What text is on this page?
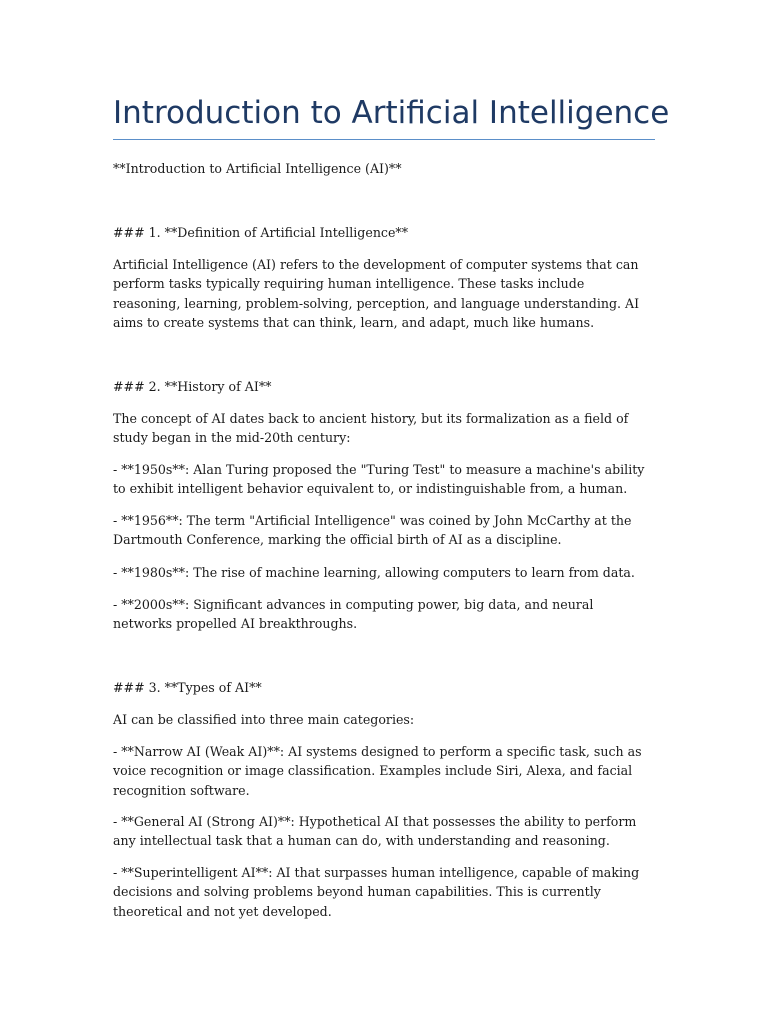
Introduction to Artificial Intelligence

**Introduction to Artificial Intelligence (AI)**

### 1. **Definition of Artificial Intelligence**

Artificial Intelligence (AI) refers to the development of computer systems that can perform tasks typically requiring human intelligence. These tasks include reasoning, learning, problem-solving, perception, and language understanding. AI aims to create systems that can think, learn, and adapt, much like humans.

### 2. **History of AI**

The concept of AI dates back to ancient history, but its formalization as a field of study began in the mid-20th century:

- **1950s**: Alan Turing proposed the "Turing Test" to measure a machine's ability to exhibit intelligent behavior equivalent to, or indistinguishable from, a human.

- **1956**: The term "Artificial Intelligence" was coined by John McCarthy at the Dartmouth Conference, marking the official birth of AI as a discipline.

- **1980s**: The rise of machine learning, allowing computers to learn from data.

- **2000s**: Significant advances in computing power, big data, and neural networks propelled AI breakthroughs.

### 3. **Types of AI**

AI can be classified into three main categories:

- **Narrow AI (Weak AI)**: AI systems designed to perform a specific task, such as voice recognition or image classification. Examples include Siri, Alexa, and facial recognition software.

- **General AI (Strong AI)**: Hypothetical AI that possesses the ability to perform any intellectual task that a human can do, with understanding and reasoning.

- **Superintelligent AI**: AI that surpasses human intelligence, capable of making decisions and solving problems beyond human capabilities. This is currently theoretical and not yet developed.
